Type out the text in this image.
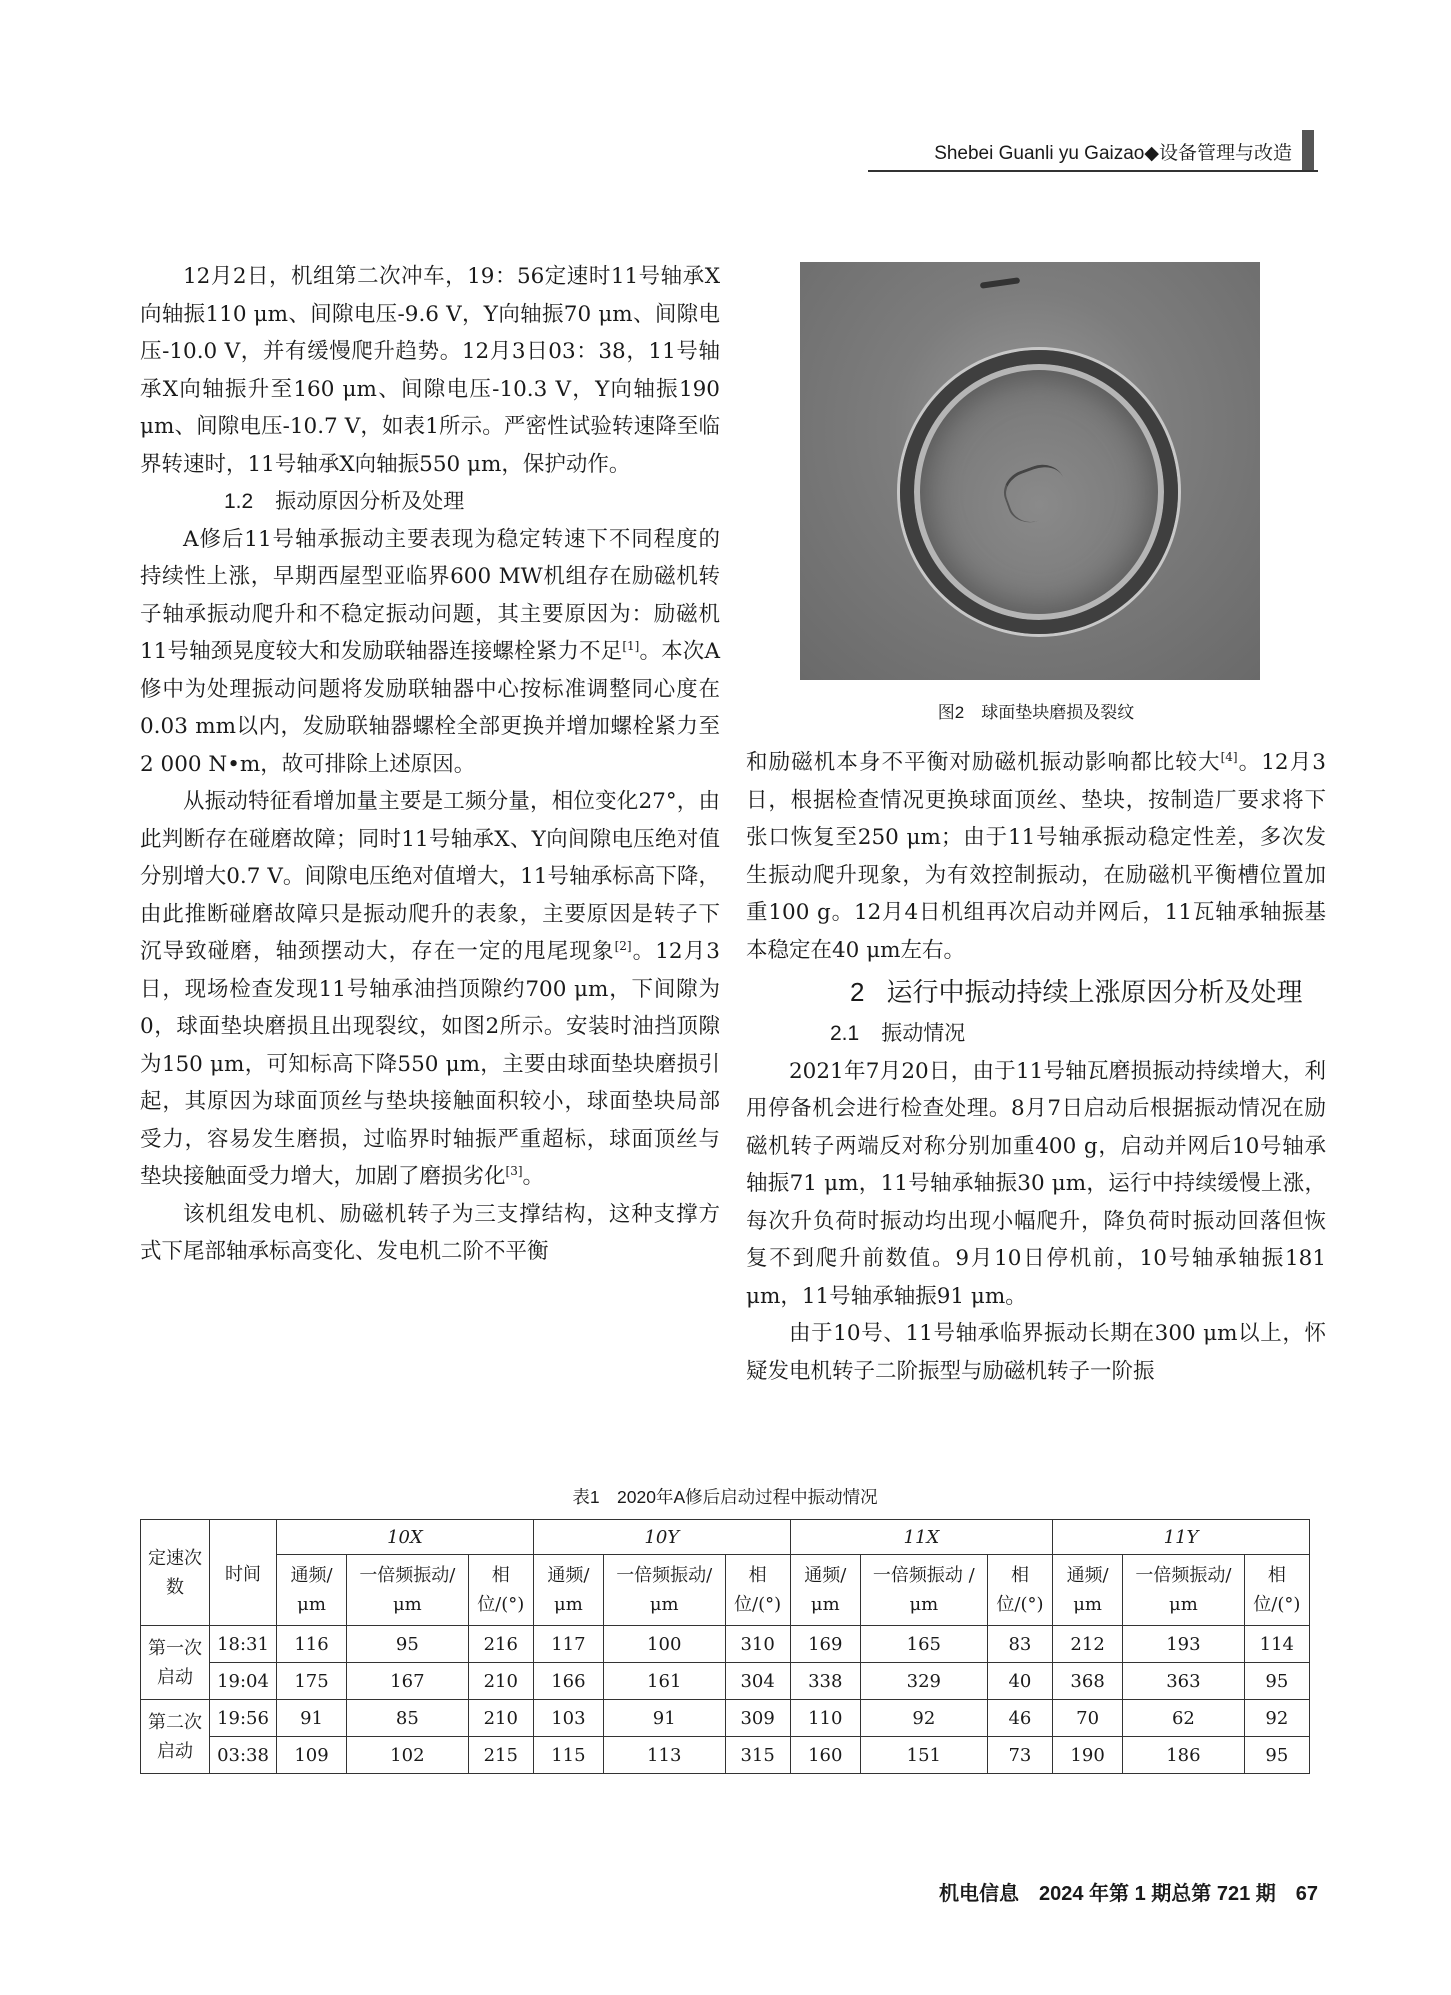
Shebei Guanli yu Gaizao◆设备管理与改造

12月2日，机组第二次冲车，19：56定速时11号轴承X向轴振110 μm、间隙电压-9.6 V，Y向轴振70 μm、间隙电压-10.0 V，并有缓慢爬升趋势。12月3日03：38，11号轴承X向轴振升至160 μm、间隙电压-10.3 V，Y向轴振190 μm、间隙电压-10.7 V，如表1所示。严密性试验转速降至临界转速时，11号轴承X向轴振550 μm，保护动作。

1.2 振动原因分析及处理

A修后11号轴承振动主要表现为稳定转速下不同程度的持续性上涨，早期西屋型亚临界600 MW机组存在励磁机转子轴承振动爬升和不稳定振动问题，其主要原因为：励磁机11号轴颈晃度较大和发励联轴器连接螺栓紧力不足[1]。本次A修中为处理振动问题将发励联轴器中心按标准调整同心度在0.03 mm以内，发励联轴器螺栓全部更换并增加螺栓紧力至2 000 N•m，故可排除上述原因。

从振动特征看增加量主要是工频分量，相位变化27°，由此判断存在碰磨故障；同时11号轴承X、Y向间隙电压绝对值分别增大0.7 V。间隙电压绝对值增大，11号轴承标高下降，由此推断碰磨故障只是振动爬升的表象，主要原因是转子下沉导致碰磨，轴颈摆动大，存在一定的甩尾现象[2]。12月3日，现场检查发现11号轴承油挡顶隙约700 μm，下间隙为0，球面垫块磨损且出现裂纹，如图2所示。安装时油挡顶隙为150 μm，可知标高下降550 μm，主要由球面垫块磨损引起，其原因为球面顶丝与垫块接触面积较小，球面垫块局部受力，容易发生磨损，过临界时轴振严重超标，球面顶丝与垫块接触面受力增大，加剧了磨损劣化[3]。

该机组发电机、励磁机转子为三支撑结构，这种支撑方式下尾部轴承标高变化、发电机二阶不平衡

图2　球面垫块磨损及裂纹

和励磁机本身不平衡对励磁机振动影响都比较大[4]。12月3日，根据检查情况更换球面顶丝、垫块，按制造厂要求将下张口恢复至250 μm；由于11号轴承振动稳定性差，多次发生振动爬升现象，为有效控制振动，在励磁机平衡槽位置加重100 g。12月4日机组再次启动并网后，11瓦轴承轴振基本稳定在40 μm左右。

2 运行中振动持续上涨原因分析及处理

2.1 振动情况

2021年7月20日，由于11号轴瓦磨损振动持续增大，利用停备机会进行检查处理。8月7日启动后根据振动情况在励磁机转子两端反对称分别加重400 g，启动并网后10号轴承轴振71 μm，11号轴承轴振30 μm，运行中持续缓慢上涨，每次升负荷时振动均出现小幅爬升，降负荷时振动回落但恢复不到爬升前数值。9月10日停机前，10号轴承轴振181 μm，11号轴承轴振91 μm。

由于10号、11号轴承临界振动长期在300 μm以上，怀疑发电机转子二阶振型与励磁机转子一阶振

表1　2020年A修后启动过程中振动情况
定速次数	时间	10X			10Y			11X			11Y		
		通频/μm	一倍频振动/μm	相位/(°)	通频/μm	一倍频振动/μm	相位/(°)	通频/μm	一倍频振动 /μm	相位/(°)	通频/μm	一倍频振动/μm	相位/(°)
第一次启动	18:31	116	95	216	117	100	310	169	165	83	212	193	114
	19:04	175	167	210	166	161	304	338	329	40	368	363	95
第二次启动	19:56	91	85	210	103	91	309	110	92	46	70	62	92
	03:38	109	102	215	115	113	315	160	151	73	190	186	95
机电信息　2024 年第 1 期总第 721 期　67
